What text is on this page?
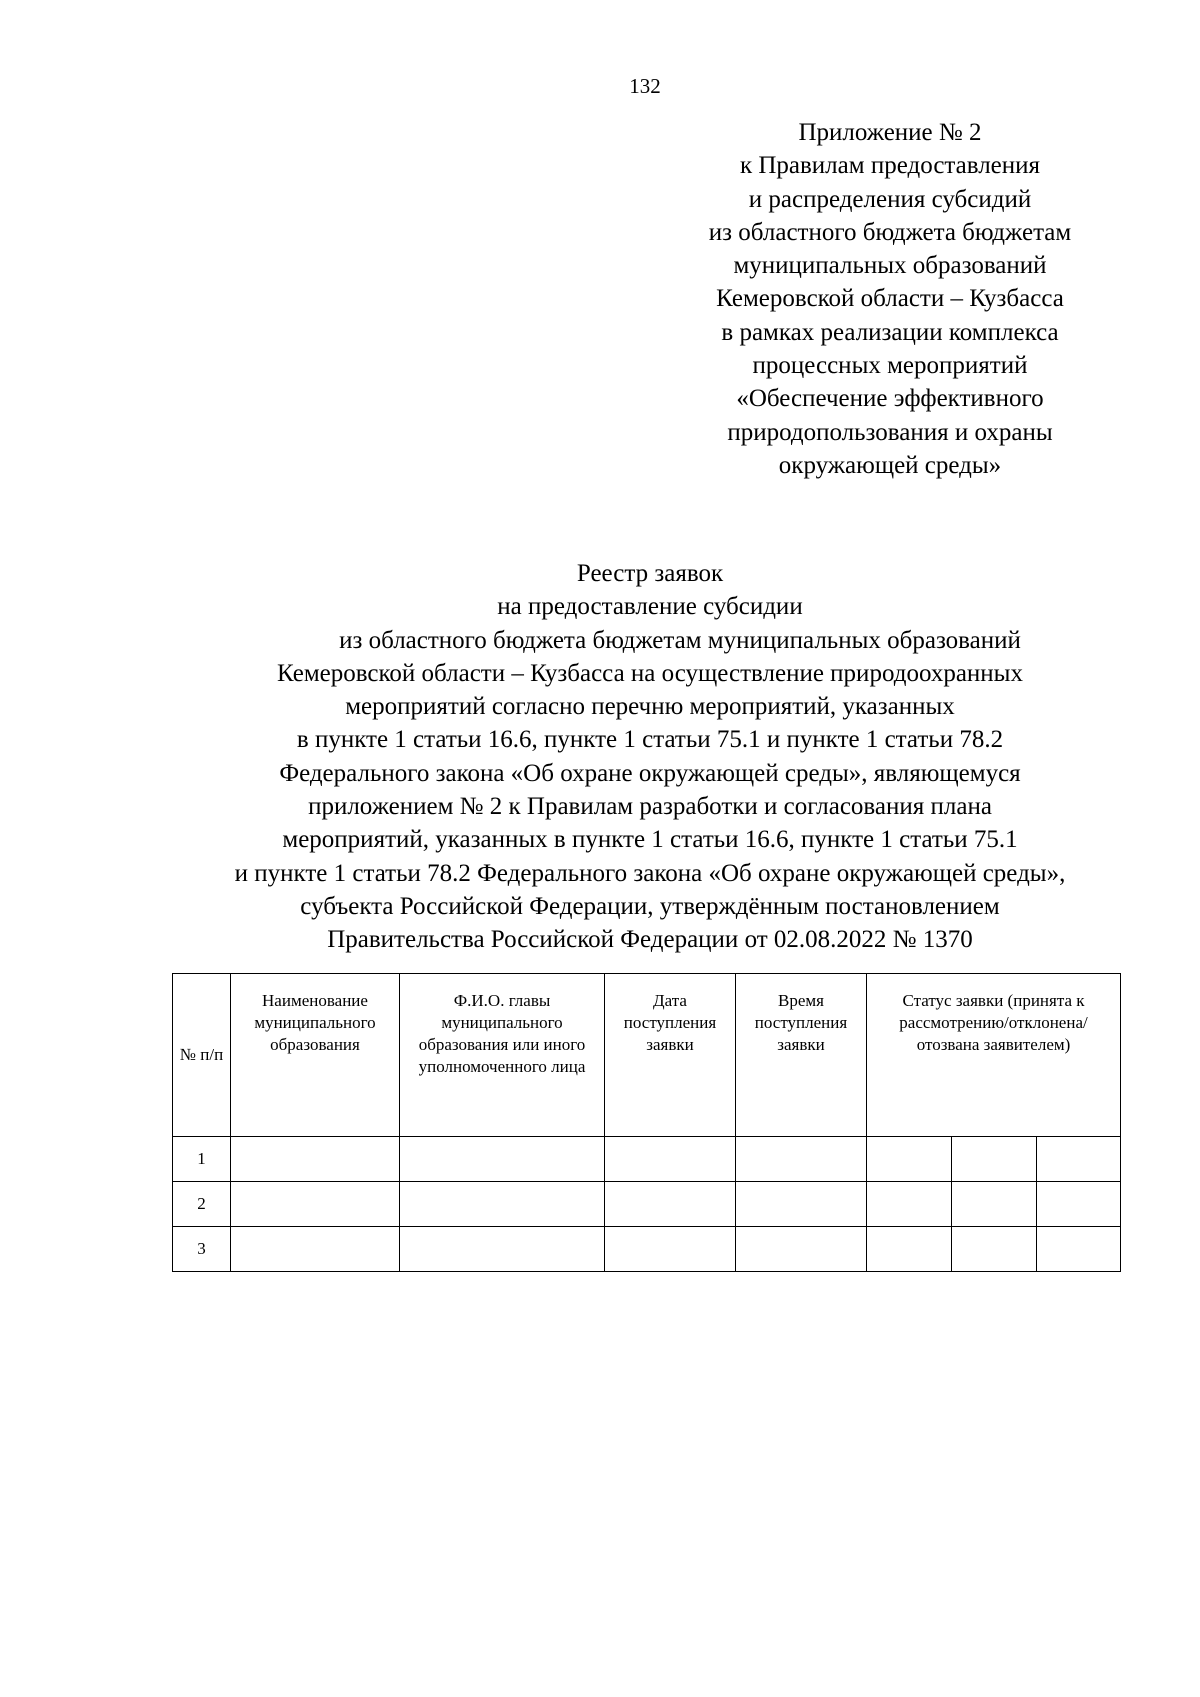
132
Приложение № 2
к Правилам предоставления
и распределения субсидий
из областного бюджета бюджетам
муниципальных образований
Кемеровской области – Кузбасса
в рамках реализации комплекса
процессных мероприятий
«Обеспечение эффективного
природопользования и охраны
окружающей среды»
Реестр заявок
на предоставление субсидии
из областного бюджета бюджетам муниципальных образований
Кемеровской области – Кузбасса на осуществление природоохранных
мероприятий согласно перечню мероприятий, указанных
в пункте 1 статьи 16.6, пункте 1 статьи 75.1 и пункте 1 статьи 78.2
Федерального закона «Об охране окружающей среды», являющемуся
приложением № 2 к Правилам разработки и согласования плана
мероприятий, указанных в пункте 1 статьи 16.6, пункте 1 статьи 75.1
и пункте 1 статьи 78.2 Федерального закона «Об охране окружающей среды»,
субъекта Российской Федерации, утверждённым постановлением
Правительства Российской Федерации от 02.08.2022 № 1370
№ п/п	Наименование муниципального образования	Ф.И.О. главы муниципального образования или иного уполномоченного лица	Дата поступления заявки	Время поступления заявки	Статус заявки (принята к рассмотрению/отклонена/ отозвана заявителем)		
1							
2							
3							
